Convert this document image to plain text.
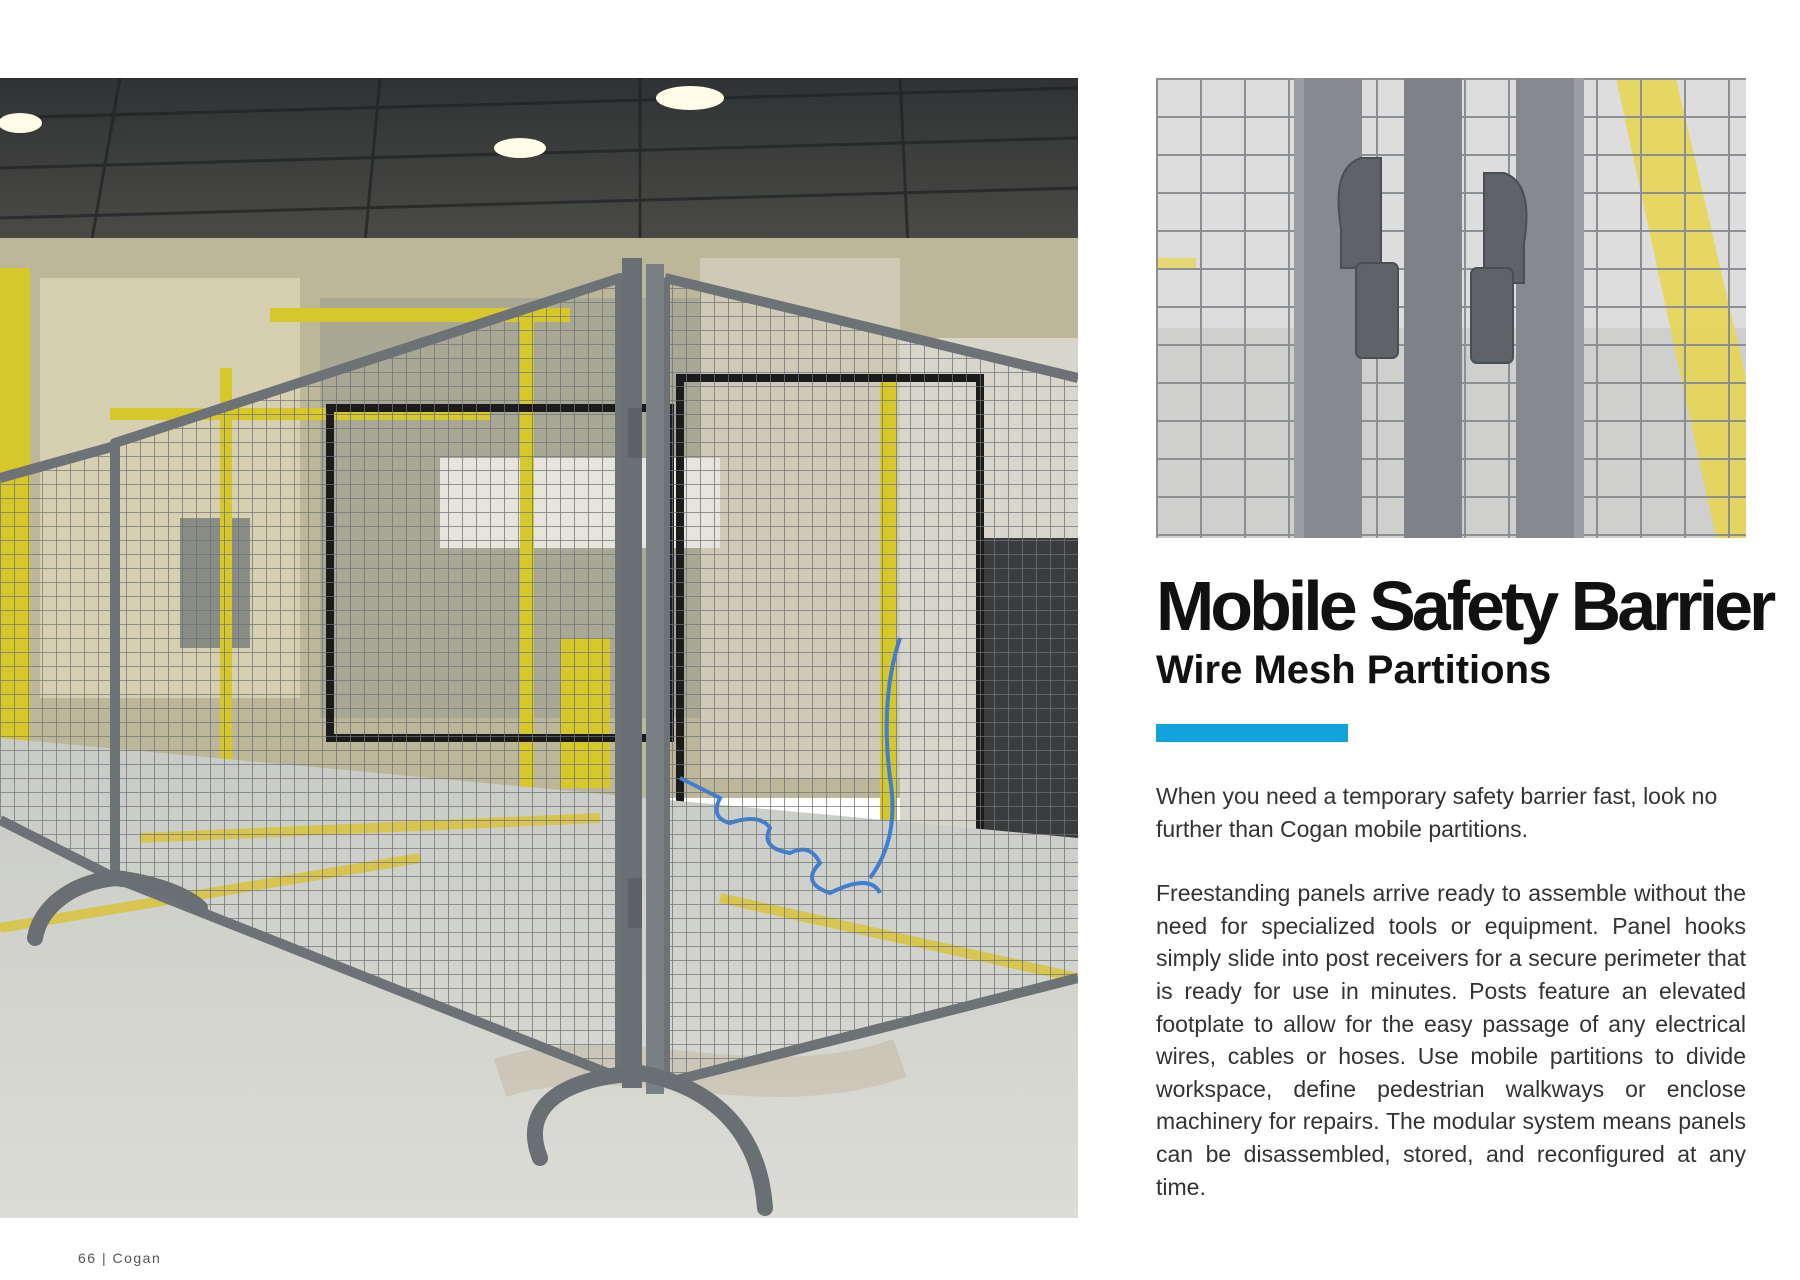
Mobile Safety Barrier
Wire Mesh Partitions

When you need a temporary safety barrier fast, look no further than Cogan mobile partitions.

Freestanding panels arrive ready to assemble without the need for specialized tools or equipment. Panel hooks simply slide into post receivers for a secure perimeter that is ready for use in minutes. Posts feature an elevated footplate to allow for the easy passage of any electrical wires, cables or hoses. Use mobile partitions to divide workspace, define pedestrian walkways or enclose machinery for repairs. The modular system means panels can be disassembled, stored, and reconfigured at any time.

66 | Cogan
